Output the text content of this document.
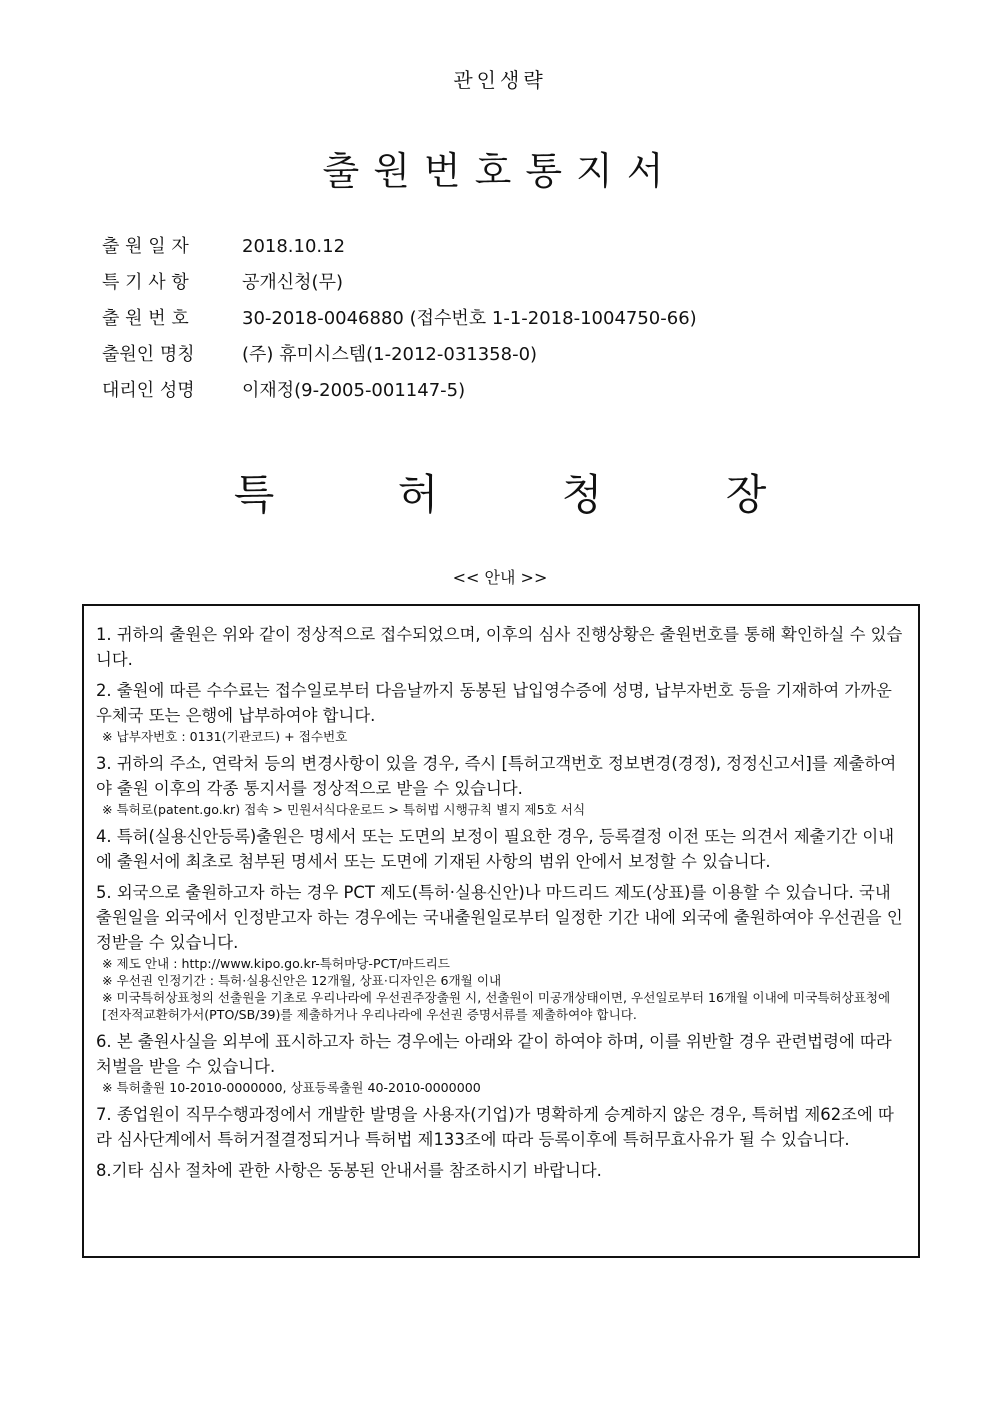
관인생략
출원번호통지서
출 원 일 자	2018.10.12
특 기 사 항	공개신청(무)
출 원 번 호	30-2018-0046880 (접수번호 1-1-2018-1004750-66)
출원인 명칭	(주) 휴미시스템(1-2012-031358-0)
대리인 성명	이재정(9-2005-001147-5)
특	허	청	장
<< 안내 >>
1. 귀하의 출원은 위와 같이 정상적으로 접수되었으며, 이후의 심사 진행상황은 출원번호를 통해 확인하실 수 있습니다.
2. 출원에 따른 수수료는 접수일로부터 다음날까지 동봉된 납입영수증에 성명, 납부자번호 등을 기재하여 가까운 우체국 또는 은행에 납부하여야 합니다.
※ 납부자번호 : 0131(기관코드) + 접수번호
3. 귀하의 주소, 연락처 등의 변경사항이 있을 경우, 즉시 [특허고객번호 정보변경(경정), 정정신고서]를 제출하여야 출원 이후의 각종 통지서를 정상적으로 받을 수 있습니다.
※ 특허로(patent.go.kr) 접속 > 민원서식다운로드 > 특허법 시행규칙 별지 제5호 서식
4. 특허(실용신안등록)출원은 명세서 또는 도면의 보정이 필요한 경우, 등록결정 이전 또는 의견서 제출기간 이내에 출원서에 최초로 첨부된 명세서 또는 도면에 기재된 사항의 범위 안에서 보정할 수 있습니다.
5. 외국으로 출원하고자 하는 경우 PCT 제도(특허·실용신안)나 마드리드 제도(상표)를 이용할 수 있습니다. 국내출원일을 외국에서 인정받고자 하는 경우에는 국내출원일로부터 일정한 기간 내에 외국에 출원하여야 우선권을 인정받을 수 있습니다.
※ 제도 안내 : http://www.kipo.go.kr-특허마당-PCT/마드리드
※ 우선권 인정기간 : 특허·실용신안은 12개월, 상표·디자인은 6개월 이내
※ 미국특허상표청의 선출원을 기초로 우리나라에 우선권주장출원 시, 선출원이 미공개상태이면, 우선일로부터 16개월 이내에 미국특허상표청에 [전자적교환허가서(PTO/SB/39)를 제출하거나 우리나라에 우선권 증명서류를 제출하여야 합니다.
6. 본 출원사실을 외부에 표시하고자 하는 경우에는 아래와 같이 하여야 하며, 이를 위반할 경우 관련법령에 따라 처벌을 받을 수 있습니다.
※ 특허출원 10-2010-0000000, 상표등록출원 40-2010-0000000
7. 종업원이 직무수행과정에서 개발한 발명을 사용자(기업)가 명확하게 승계하지 않은 경우, 특허법 제62조에 따라 심사단계에서 특허거절결정되거나 특허법 제133조에 따라 등록이후에 특허무효사유가 될 수 있습니다.
8.기타 심사 절차에 관한 사항은 동봉된 안내서를 참조하시기 바랍니다.
